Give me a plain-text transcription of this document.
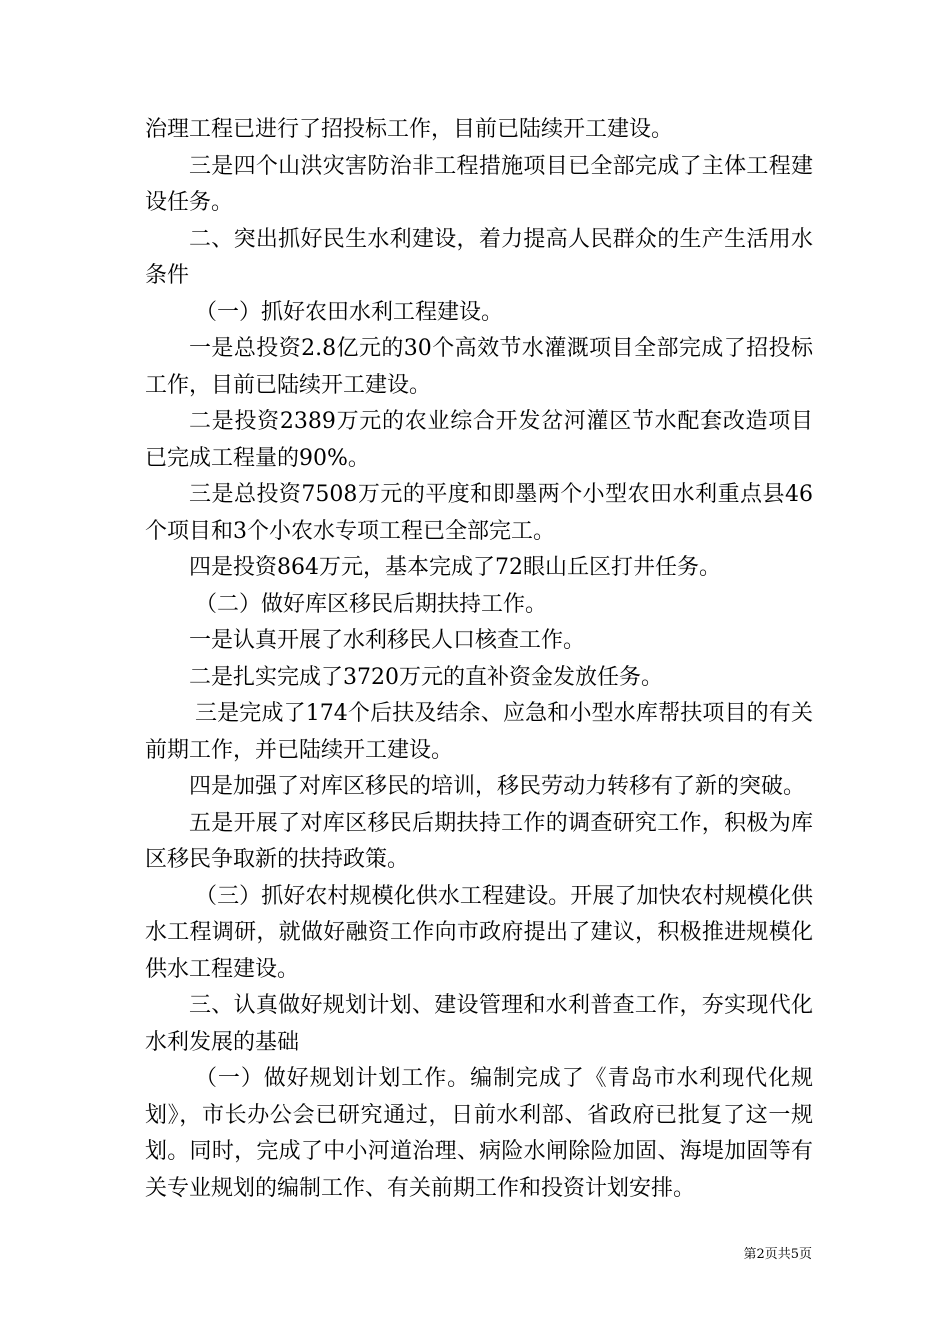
治理工程已进行了招投标工作，目前已陆续开工建设。

三是四个山洪灾害防治非工程措施项目已全部完成了主体工程建设任务。

二、突出抓好民生水利建设，着力提高人民群众的生产生活用水条件

（一）抓好农田水利工程建设。

一是总投资2.8亿元的30个高效节水灌溉项目全部完成了招投标工作，目前已陆续开工建设。

二是投资2389万元的农业综合开发岔河灌区节水配套改造项目已完成工程量的90%。

三是总投资7508万元的平度和即墨两个小型农田水利重点县46个项目和3个小农水专项工程已全部完工。

四是投资864万元，基本完成了72眼山丘区打井任务。

（二）做好库区移民后期扶持工作。

一是认真开展了水利移民人口核查工作。

二是扎实完成了3720万元的直补资金发放任务。

三是完成了174个后扶及结余、应急和小型水库帮扶项目的有关前期工作，并已陆续开工建设。

四是加强了对库区移民的培训，移民劳动力转移有了新的突破。

五是开展了对库区移民后期扶持工作的调查研究工作，积极为库区移民争取新的扶持政策。

（三）抓好农村规模化供水工程建设。开展了加快农村规模化供水工程调研，就做好融资工作向市政府提出了建议，积极推进规模化供水工程建设。

三、认真做好规划计划、建设管理和水利普查工作，夯实现代化水利发展的基础

（一）做好规划计划工作。编制完成了《青岛市水利现代化规划》，市长办公会已研究通过，日前水利部、省政府已批复了这一规划。同时，完成了中小河道治理、病险水闸除险加固、海堤加固等有关专业规划的编制工作、有关前期工作和投资计划安排。

第2页共5页
